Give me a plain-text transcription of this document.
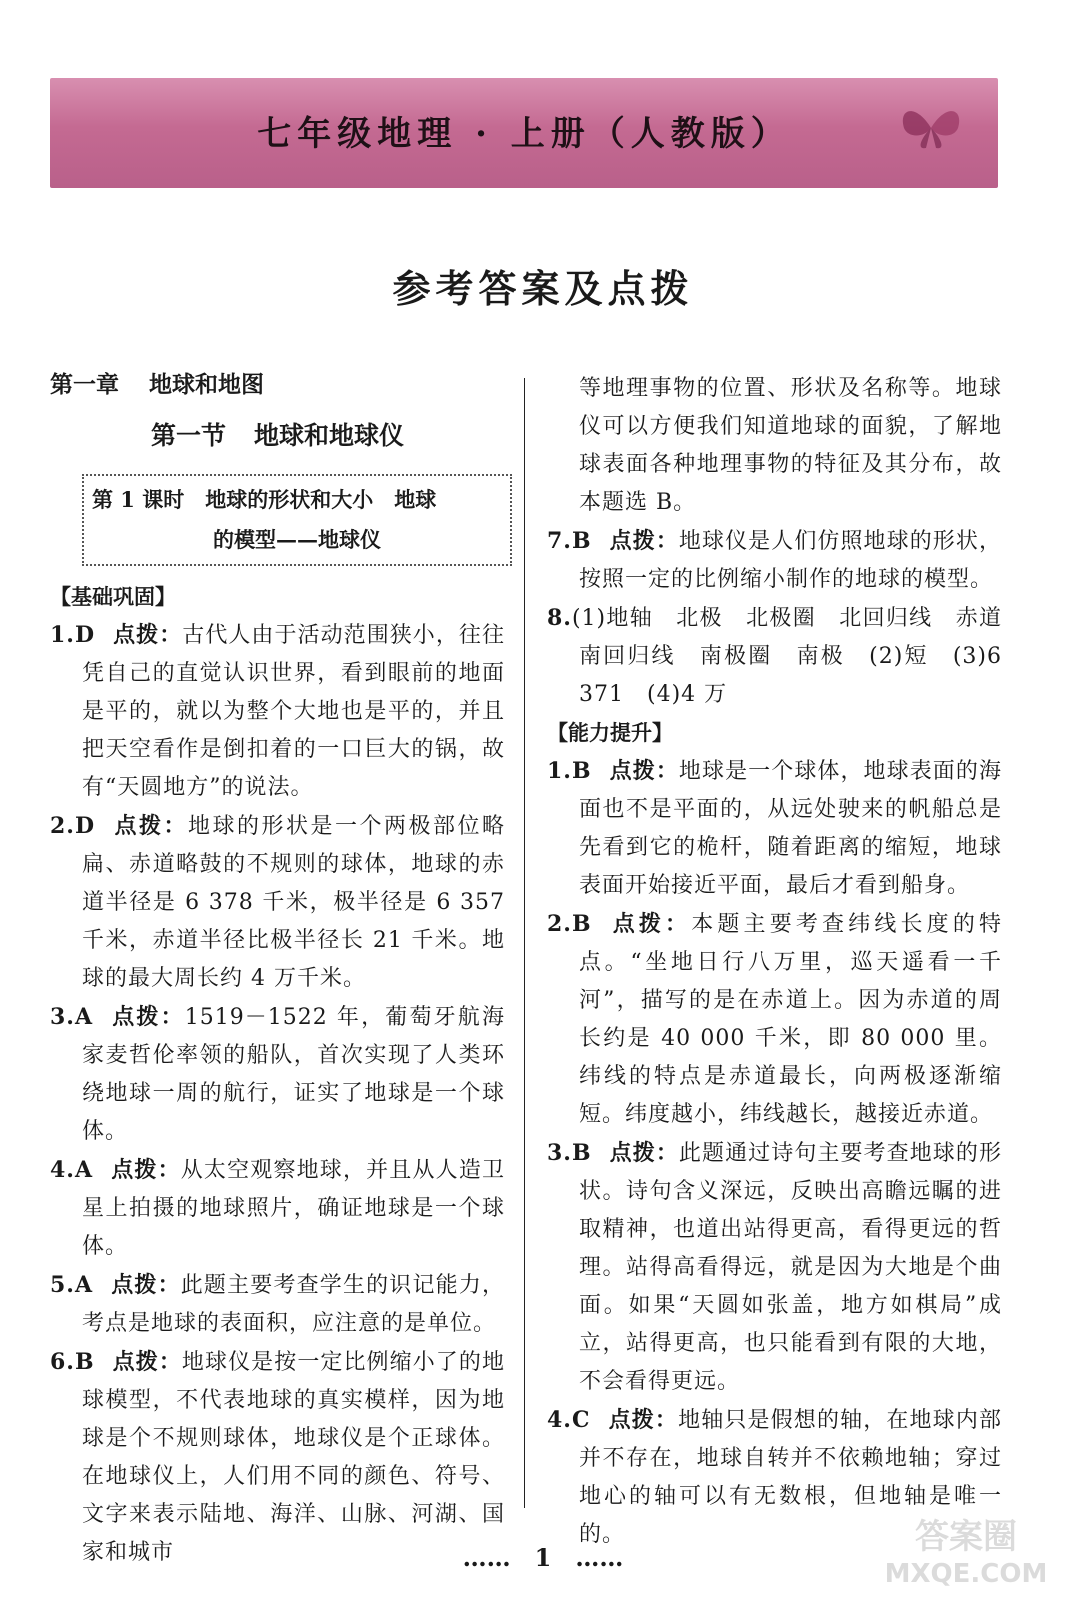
七年级地理 · 上册（人教版）
参考答案及点拨
第一章 地球和地图
第一节 地球和地球仪
第 1 课时　地球的形状和大小　地球
的模型——地球仪
【基础巩固】
1.D 点拨：古代人由于活动范围狭小，往往凭自己的直觉认识世界，看到眼前的地面是平的，就以为整个大地也是平的，并且把天空看作是倒扣着的一口巨大的锅，故有“天圆地方”的说法。
2.D 点拨：地球的形状是一个两极部位略扁、赤道略鼓的不规则的球体，地球的赤道半径是 6 378 千米，极半径是 6 357 千米，赤道半径比极半径长 21 千米。地球的最大周长约 4 万千米。
3.A 点拨：1519－1522 年，葡萄牙航海家麦哲伦率领的船队，首次实现了人类环绕地球一周的航行，证实了地球是一个球体。
4.A 点拨：从太空观察地球，并且从人造卫星上拍摄的地球照片，确证地球是一个球体。
5.A 点拨：此题主要考查学生的识记能力，考点是地球的表面积，应注意的是单位。
6.B 点拨：地球仪是按一定比例缩小了的地球模型，不代表地球的真实模样，因为地球是个不规则球体，地球仪是个正球体。在地球仪上，人们用不同的颜色、符号、文字来表示陆地、海洋、山脉、河湖、国家和城市
等地理事物的位置、形状及名称等。地球仪可以方便我们知道地球的面貌，了解地球表面各种地理事物的特征及其分布，故本题选 B。
7.B 点拨：地球仪是人们仿照地球的形状，按照一定的比例缩小制作的地球的模型。
8.(1)地轴　北极　北极圈　北回归线　赤道　南回归线　南极圈　南极　(2)短　(3)6 371　(4)4 万
【能力提升】
1.B 点拨：地球是一个球体，地球表面的海面也不是平面的，从远处驶来的帆船总是先看到它的桅杆，随着距离的缩短，地球表面开始接近平面，最后才看到船身。
2.B 点拨：本题主要考查纬线长度的特点。“坐地日行八万里，巡天遥看一千河”，描写的是在赤道上。因为赤道的周长约是 40 000 千米，即 80 000 里。纬线的特点是赤道最长，向两极逐渐缩短。纬度越小，纬线越长，越接近赤道。
3.B 点拨：此题通过诗句主要考查地球的形状。诗句含义深远，反映出高瞻远瞩的进取精神，也道出站得更高，看得更远的哲理。站得高看得远，就是因为大地是个曲面。如果“天圆如张盖，地方如棋局”成立，站得更高，也只能看到有限的大地，不会看得更远。
4.C 点拨：地轴只是假想的轴，在地球内部并不存在，地球自转并不依赖地轴；穿过地心的轴可以有无数根，但地轴是唯一的。
……　1　……
答案圈
MXQE.COM
